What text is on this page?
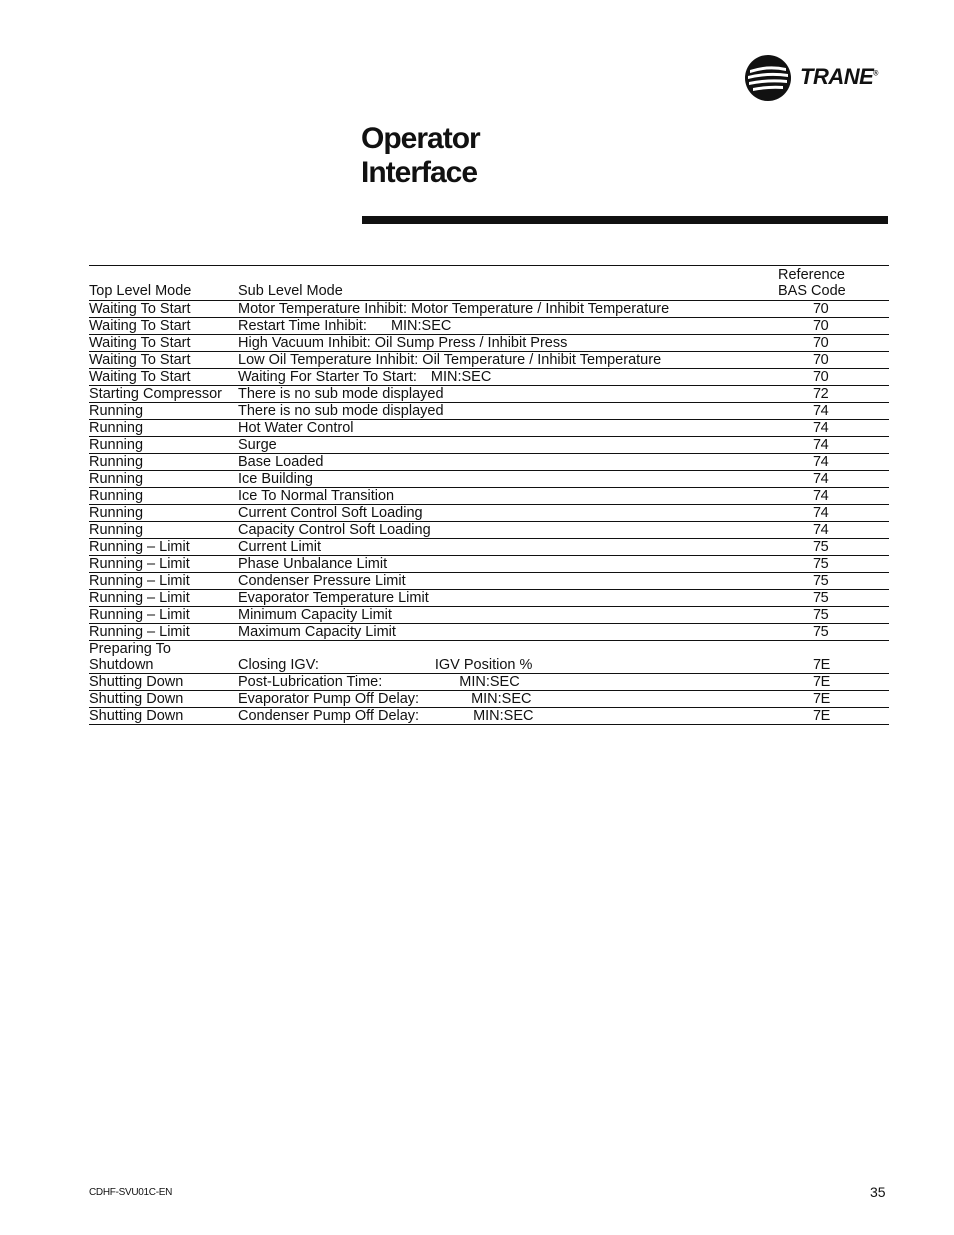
TRANE®
Operator
Interface
Top Level Mode	Sub Level Mode	Reference
BAS Code
Waiting To Start	Motor Temperature Inhibit: Motor Temperature / Inhibit Temperature	70
Waiting To Start	Restart Time Inhibit: MIN:SEC	70
Waiting To Start	High Vacuum Inhibit: Oil Sump Press / Inhibit Press	70
Waiting To Start	Low Oil Temperature Inhibit: Oil Temperature / Inhibit Temperature	70
Waiting To Start	Waiting For Starter To Start: MIN:SEC	70
Starting Compressor	There is no sub mode displayed	72
Running	There is no sub mode displayed	74
Running	Hot Water Control	74
Running	Surge	74
Running	Base Loaded	74
Running	Ice Building	74
Running	Ice To Normal Transition	74
Running	Current Control Soft Loading	74
Running	Capacity Control Soft Loading	74
Running – Limit	Current Limit	75
Running – Limit	Phase Unbalance Limit	75
Running – Limit	Condenser Pressure Limit	75
Running – Limit	Evaporator Temperature Limit	75
Running – Limit	Minimum Capacity Limit	75
Running – Limit	Maximum Capacity Limit	75
Preparing To
Shutdown	Closing IGV: IGV Position %	7E
Shutting Down	Post-Lubrication Time: MIN:SEC	7E
Shutting Down	Evaporator Pump Off Delay: MIN:SEC	7E
Shutting Down	Condenser Pump Off Delay: MIN:SEC	7E
CDHF-SVU01C-EN	35
